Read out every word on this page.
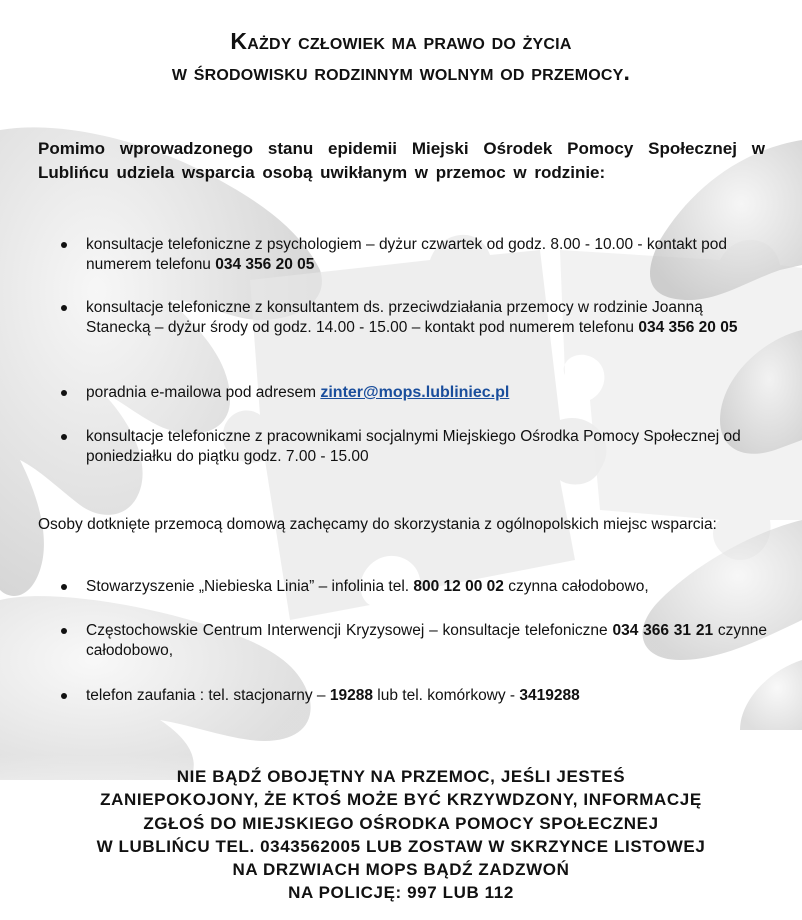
Każdy człowiek ma prawo do życia
w środowisku rodzinnym wolnym od przemocy.
Pomimo wprowadzonego stanu epidemii Miejski Ośrodek Pomocy Społecznej w Lublińcu udziela wsparcia osobą uwikłanym w przemoc w rodzinie:
konsultacje telefoniczne z psychologiem – dyżur czwartek od godz. 8.00 - 10.00 - kontakt pod numerem telefonu 034 356 20 05
konsultacje telefoniczne z konsultantem ds. przeciwdziałania przemocy w rodzinie Joanną Stanecką – dyżur środy od godz. 14.00 - 15.00 – kontakt pod numerem telefonu 034 356 20 05
poradnia e-mailowa pod adresem zinter@mops.lubliniec.pl
konsultacje telefoniczne z pracownikami socjalnymi Miejskiego Ośrodka Pomocy Społecznej od poniedziałku do piątku godz. 7.00 - 15.00
Osoby dotknięte przemocą domową zachęcamy do skorzystania z ogólnopolskich miejsc wsparcia:
Stowarzyszenie „Niebieska Linia” – infolinia tel. 800 12 00 02 czynna całodobowo,
Częstochowskie Centrum Interwencji Kryzysowej – konsultacje telefoniczne 034 366 31 21 czynne całodobowo,
telefon zaufania : tel. stacjonarny – 19288 lub tel. komórkowy - 3419288
NIE BĄDŹ OBOJĘTNY NA PRZEMOC, JEŚLI JESTEŚ
ZANIEPOKOJONY, ŻE KTOŚ MOŻE BYĆ KRZYWDZONY, INFORMACJĘ
ZGŁOŚ DO MIEJSKIEGO OŚRODKA POMOCY SPOŁECZNEJ
W LUBLIŃCU TEL. 0343562005 LUB ZOSTAW W SKRZYNCE LISTOWEJ
NA DRZWIACH MOPS BĄDŹ ZADZWOŃ
NA POLICJĘ: 997 LUB 112
